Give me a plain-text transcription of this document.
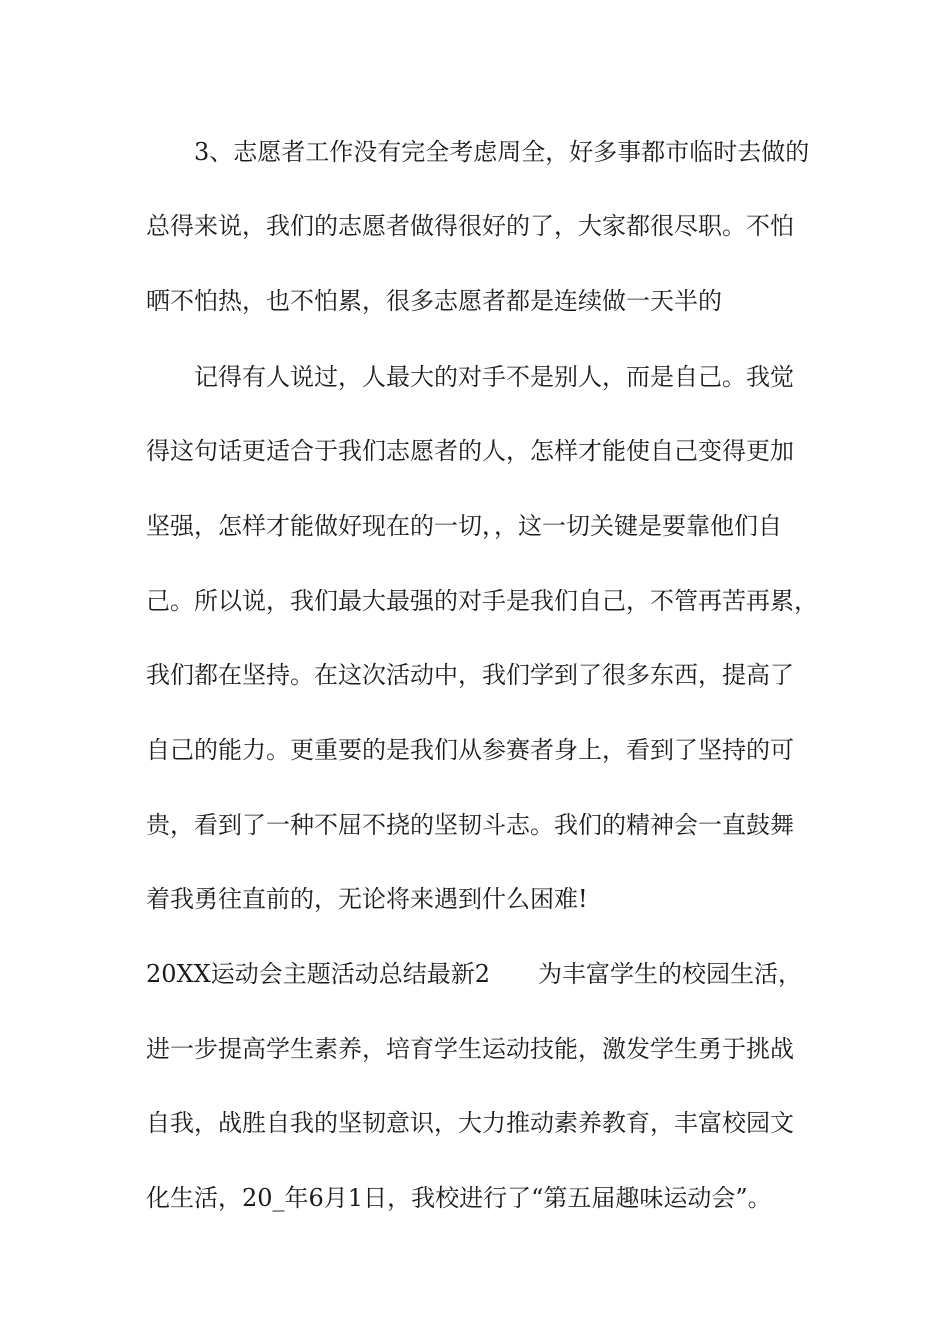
3、志愿者工作没有完全考虑周全，好多事都市临时去做的
总得来说，我们的志愿者做得很好的了，大家都很尽职。不怕
晒不怕热，也不怕累，很多志愿者都是连续做一天半的
记得有人说过，人最大的对手不是别人，而是自己。我觉
得这句话更适合于我们志愿者的人，怎样才能使自己变得更加
坚强，怎样才能做好现在的一切，，这一切关键是要靠他们自
己。所以说，我们最大最强的对手是我们自己，不管再苦再累，
我们都在坚持。在这次活动中，我们学到了很多东西，提高了
自己的能力。更重要的是我们从参赛者身上，看到了坚持的可
贵，看到了一种不屈不挠的坚韧斗志。我们的精神会一直鼓舞
着我勇往直前的，无论将来遇到什么困难!
20XX运动会主题活动总结最新2	为丰富学生的校园生活，
进一步提高学生素养，培育学生运动技能，激发学生勇于挑战
自我，战胜自我的坚韧意识，大力推动素养教育，丰富校园文
化生活，20_年6月1日，我校进行了“第五届趣味运动会”。
